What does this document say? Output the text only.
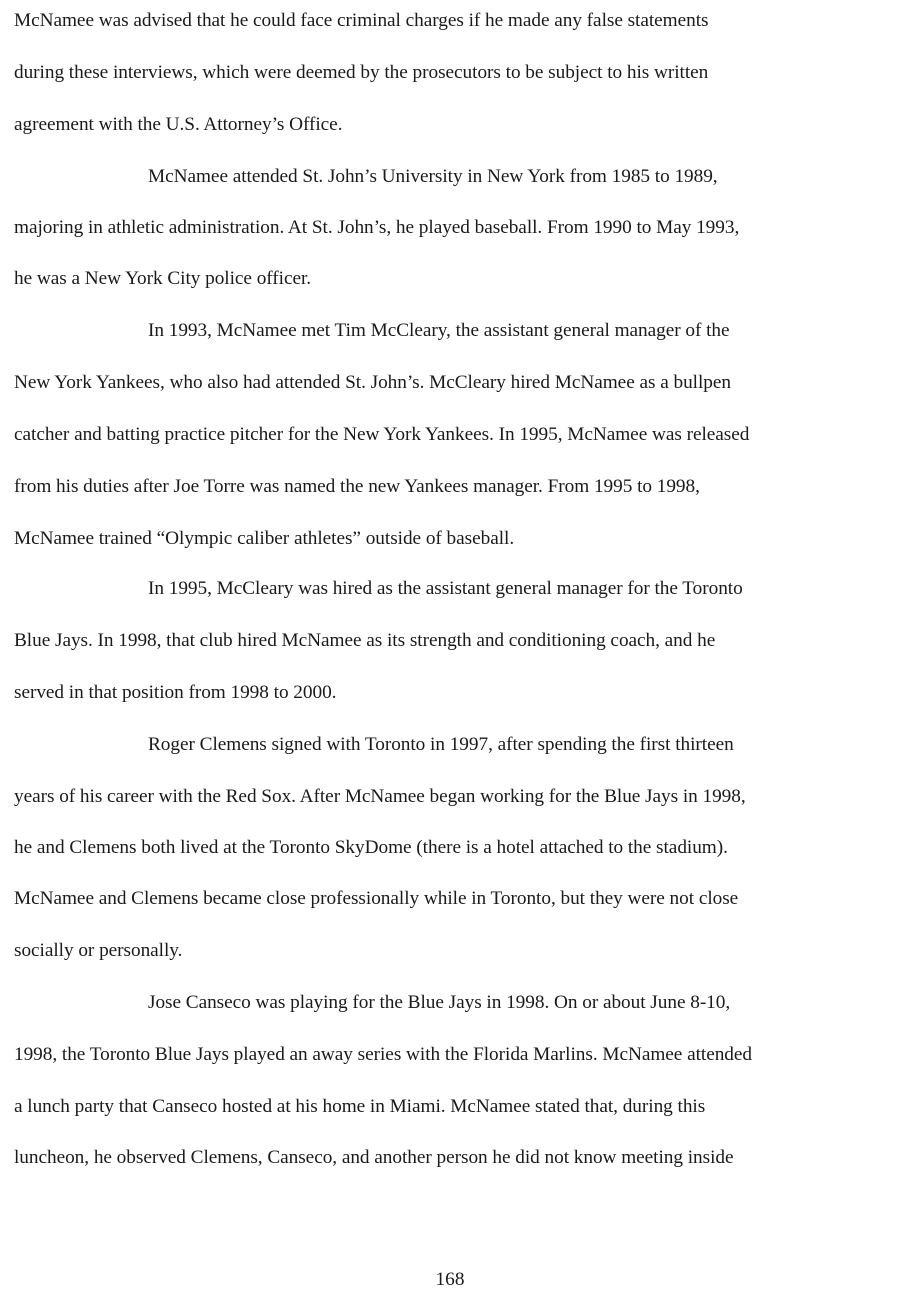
McNamee was advised that he could face criminal charges if he made any false statements
during these interviews, which were deemed by the prosecutors to be subject to his written
agreement with the U.S. Attorney’s Office.
McNamee attended St. John’s University in New York from 1985 to 1989,
majoring in athletic administration. At St. John’s, he played baseball. From 1990 to May 1993,
he was a New York City police officer.
In 1993, McNamee met Tim McCleary, the assistant general manager of the
New York Yankees, who also had attended St. John’s. McCleary hired McNamee as a bullpen
catcher and batting practice pitcher for the New York Yankees. In 1995, McNamee was released
from his duties after Joe Torre was named the new Yankees manager. From 1995 to 1998,
McNamee trained “Olympic caliber athletes” outside of baseball.
In 1995, McCleary was hired as the assistant general manager for the Toronto
Blue Jays. In 1998, that club hired McNamee as its strength and conditioning coach, and he
served in that position from 1998 to 2000.
Roger Clemens signed with Toronto in 1997, after spending the first thirteen
years of his career with the Red Sox. After McNamee began working for the Blue Jays in 1998,
he and Clemens both lived at the Toronto SkyDome (there is a hotel attached to the stadium).
McNamee and Clemens became close professionally while in Toronto, but they were not close
socially or personally.
Jose Canseco was playing for the Blue Jays in 1998. On or about June 8-10,
1998, the Toronto Blue Jays played an away series with the Florida Marlins. McNamee attended
a lunch party that Canseco hosted at his home in Miami. McNamee stated that, during this
luncheon, he observed Clemens, Canseco, and another person he did not know meeting inside
168
